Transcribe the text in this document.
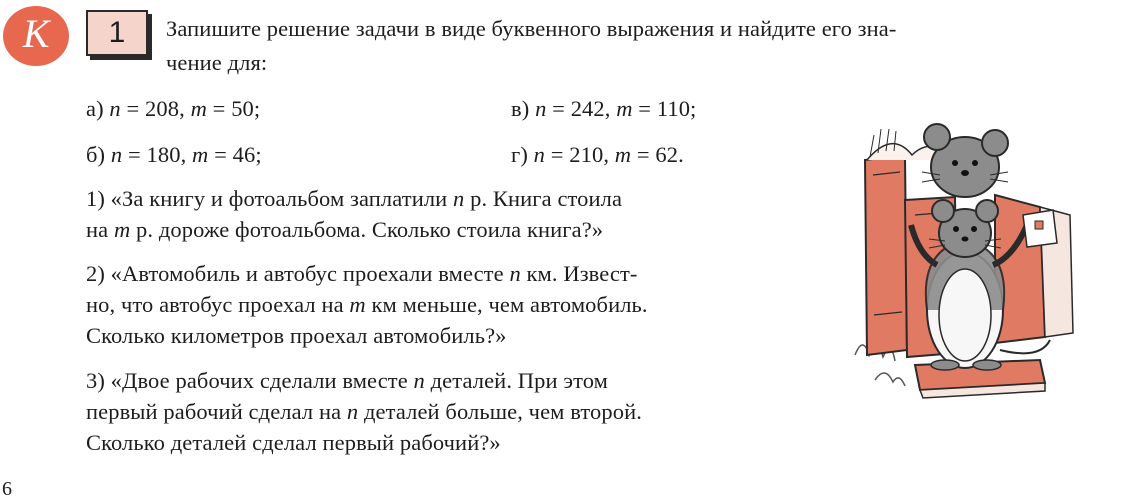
К 1 Запишите решение задачи в виде буквенного выражения и найдите его зна-
чение для:
а) n = 208, m = 50;	в) n = 242, m = 110;
б) n = 180, m = 46;	г) n = 210, m = 62.
1) «За книгу и фотоальбом заплатили n р. Книга стоила
на m р. дороже фотоальбома. Сколько стоила книга?»
2) «Автомобиль и автобус проехали вместе n км. Извест-
но, что автобус проехал на m км меньше, чем автомобиль.
Сколько километров проехал автомобиль?»
3) «Двое рабочих сделали вместе n деталей. При этом
первый рабочий сделал на n деталей больше, чем второй.
Сколько деталей сделал первый рабочий?»
6
